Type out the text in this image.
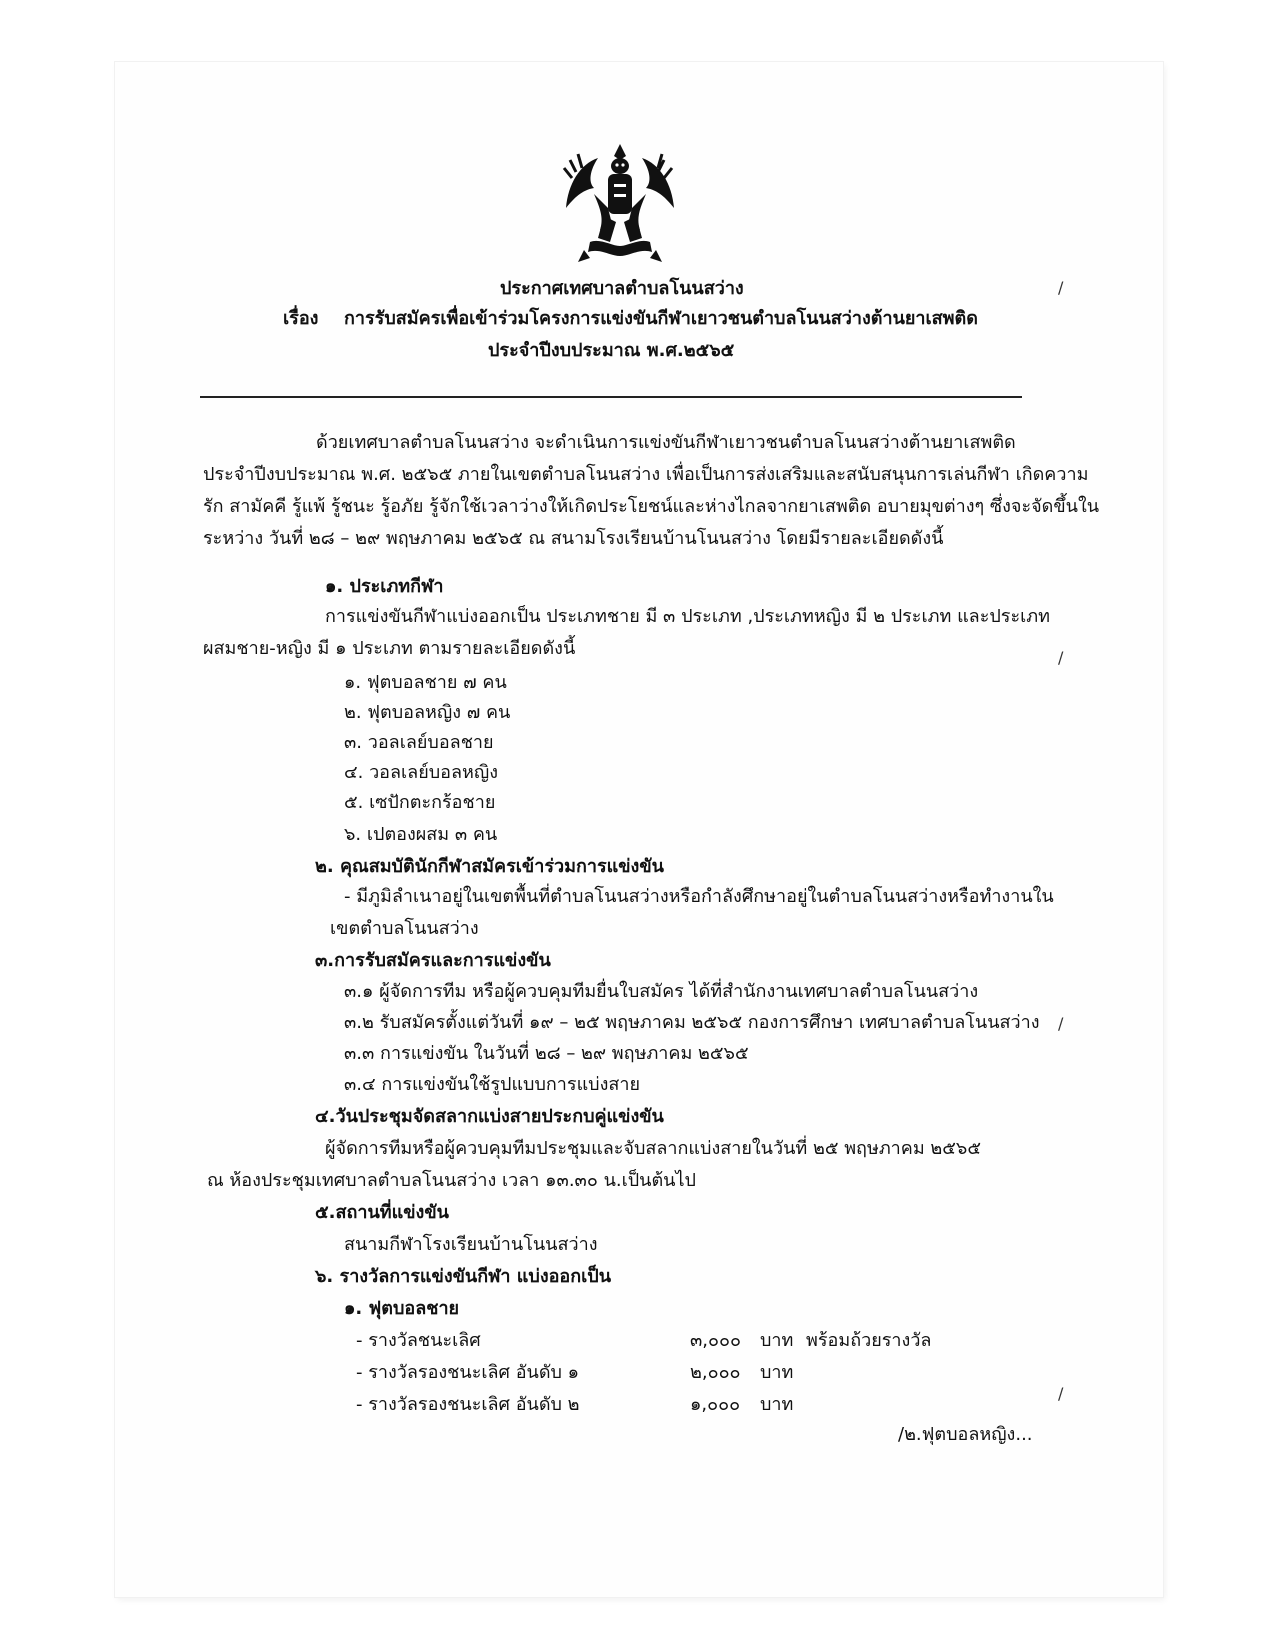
ประกาศเทศบาลตำบลโนนสว่าง
เรื่อง การรับสมัครเพื่อเข้าร่วมโครงการแข่งขันกีฬาเยาวชนตำบลโนนสว่างต้านยาเสพติด
ประจำปีงบประมาณ พ.ศ.๒๕๖๕
ด้วยเทศบาลตำบลโนนสว่าง จะดำเนินการแข่งขันกีฬาเยาวชนตำบลโนนสว่างต้านยาเสพติด
ประจำปีงบประมาณ พ.ศ. ๒๕๖๕ ภายในเขตตำบลโนนสว่าง เพื่อเป็นการส่งเสริมและสนับสนุนการเล่นกีฬา เกิดความ
รัก สามัคคี รู้แพ้ รู้ชนะ รู้อภัย รู้จักใช้เวลาว่างให้เกิดประโยชน์และห่างไกลจากยาเสพติด อบายมุขต่างๆ ซึ่งจะจัดขึ้นใน
ระหว่าง วันที่ ๒๘ – ๒๙ พฤษภาคม ๒๕๖๕ ณ สนามโรงเรียนบ้านโนนสว่าง โดยมีรายละเอียดดังนี้
๑. ประเภทกีฬา
การแข่งขันกีฬาแบ่งออกเป็น ประเภทชาย มี ๓ ประเภท ,ประเภทหญิง มี ๒ ประเภท และประเภท
ผสมชาย-หญิง มี ๑ ประเภท ตามรายละเอียดดังนี้
๑. ฟุตบอลชาย ๗ คน
๒. ฟุตบอลหญิง ๗ คน
๓. วอลเลย์บอลชาย
๔. วอลเลย์บอลหญิง
๕. เซปักตะกร้อชาย
๖. เปตองผสม ๓ คน
๒. คุณสมบัตินักกีฬาสมัครเข้าร่วมการแข่งขัน
- มีภูมิลำเนาอยู่ในเขตพื้นที่ตำบลโนนสว่างหรือกำลังศึกษาอยู่ในตำบลโนนสว่างหรือทำงานใน
เขตตำบลโนนสว่าง
๓.การรับสมัครและการแข่งขัน
๓.๑ ผู้จัดการทีม หรือผู้ควบคุมทีมยื่นใบสมัคร ได้ที่สำนักงานเทศบาลตำบลโนนสว่าง
๓.๒ รับสมัครตั้งแต่วันที่ ๑๙ – ๒๕ พฤษภาคม ๒๕๖๕ กองการศึกษา เทศบาลตำบลโนนสว่าง
๓.๓ การแข่งขัน ในวันที่ ๒๘ – ๒๙ พฤษภาคม ๒๕๖๕
๓.๔ การแข่งขันใช้รูปแบบการแบ่งสาย
๔.วันประชุมจัดสลากแบ่งสายประกบคู่แข่งขัน
ผู้จัดการทีมหรือผู้ควบคุมทีมประชุมและจับสลากแบ่งสายในวันที่ ๒๕ พฤษภาคม ๒๕๖๕
ณ ห้องประชุมเทศบาลตำบลโนนสว่าง เวลา ๑๓.๓๐ น.เป็นต้นไป
๕.สถานที่แข่งขัน
สนามกีฬาโรงเรียนบ้านโนนสว่าง
๖. รางวัลการแข่งขันกีฬา แบ่งออกเป็น
๑. ฟุตบอลชาย
- รางวัลชนะเลิศ	๓,๐๐๐ บาท พร้อมถ้วยรางวัล
- รางวัลรองชนะเลิศ อันดับ ๑	๒,๐๐๐ บาท
- รางวัลรองชนะเลิศ อันดับ ๒	๑,๐๐๐ บาท
/๒.ฟุตบอลหญิง...
/
/
/
/
